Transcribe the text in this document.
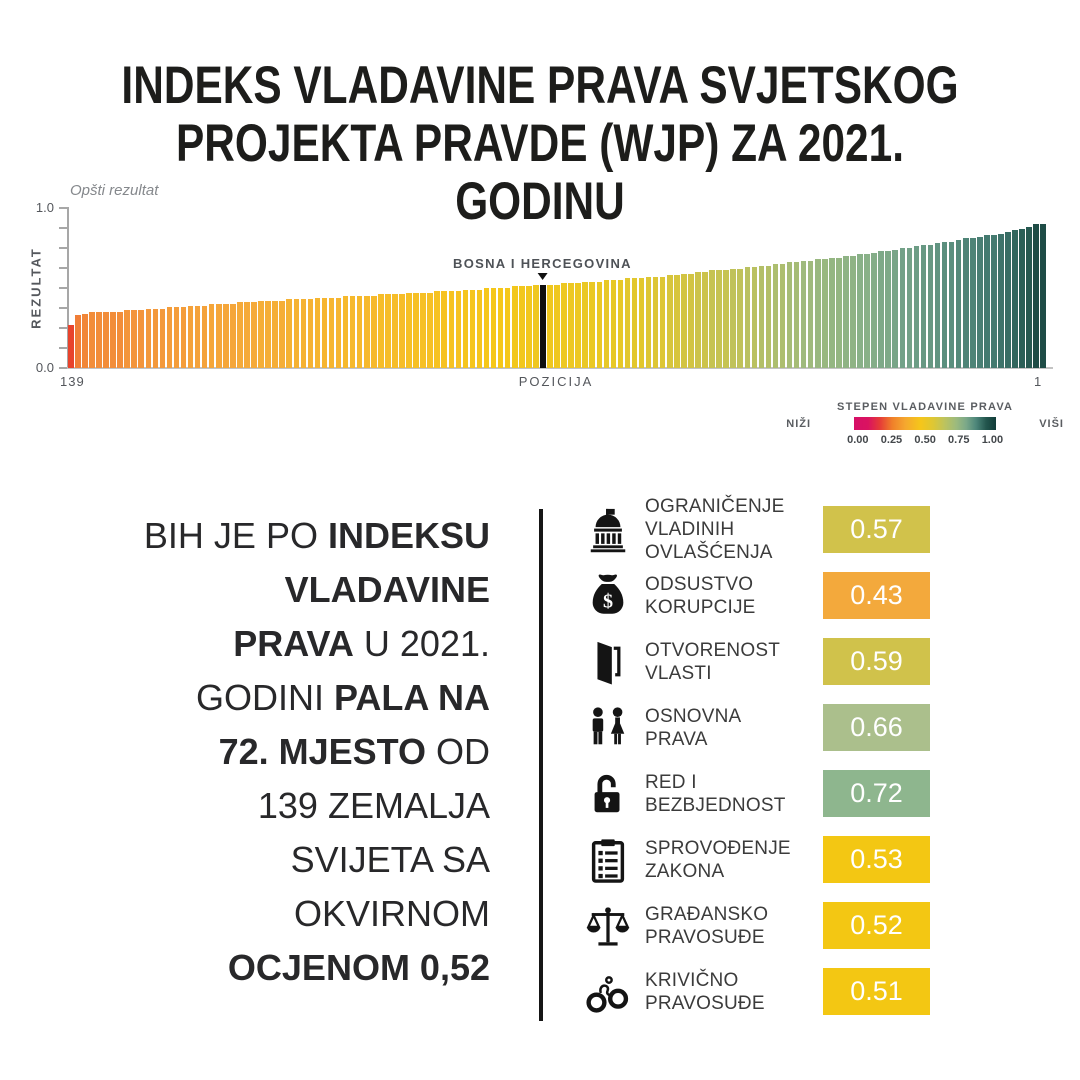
INDEKS VLADAVINE PRAVA SVJETSKOG
PROJEKTA PRAVDE (WJP) ZA 2021. GODINU
Opšti rezultat
REZULTAT
1.0
0.0
BOSNA I HERCEGOVINA
139	1
POZICIJA
NIŽI
STEPEN VLADAVINE PRAVA
0.00 0.25 0.50 0.75 1.00
VIŠI
BIH JE PO INDEKSU
VLADAVINE
PRAVA U 2021.
GODINI PALA NA
72. MJESTO OD
139 ZEMALJA
SVIJETA SA
OKVIRNOM
OCJENOM 0,52
OGRANIČENJE
VLADINIH OVLAŠĆENJA
0.57
$
ODSUSTVO
KORUPCIJE	0.43
OTVORENOST
VLASTI	0.59
OSNOVNA
PRAVA	0.66
RED I
BEZBJEDNOST	0.72
SPROVOĐENJE
ZAKONA	0.53
GRAĐANSKO
PRAVOSUĐE	0.52
KRIVIČNO
PRAVOSUĐE	0.51
